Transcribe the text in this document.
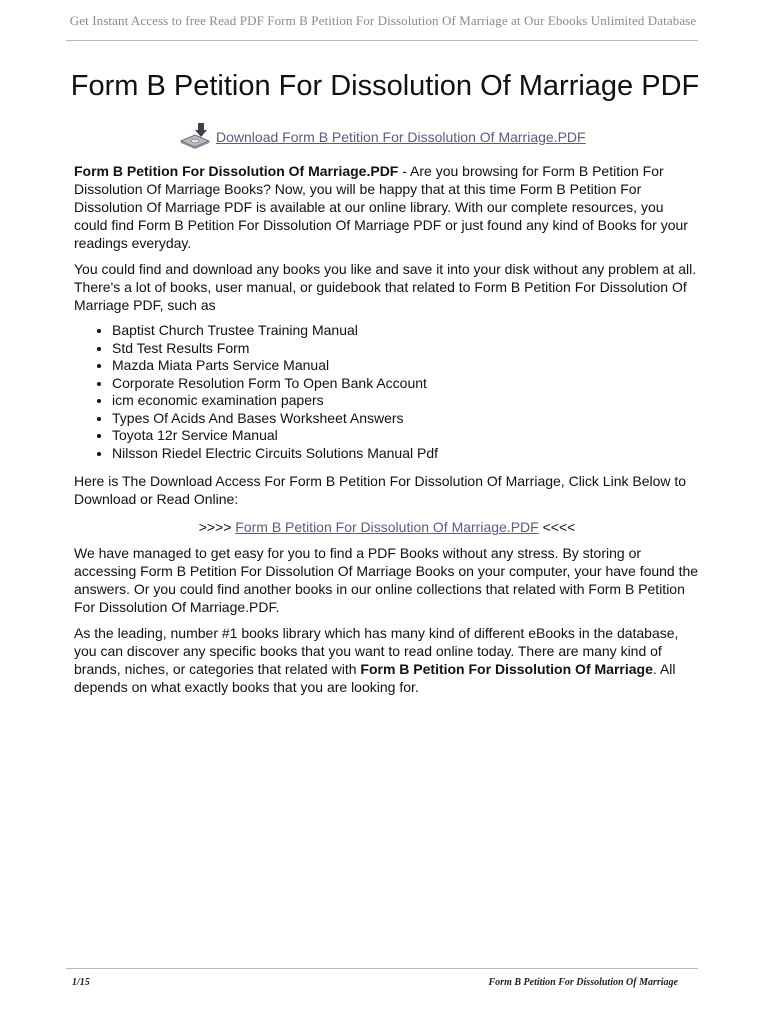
Get Instant Access to free Read PDF Form B Petition For Dissolution Of Marriage at Our Ebooks Unlimited Database
Form B Petition For Dissolution Of Marriage PDF
Download Form B Petition For Dissolution Of Marriage.PDF

Form B Petition For Dissolution Of Marriage.PDF - Are you browsing for Form B Petition For Dissolution Of Marriage Books? Now, you will be happy that at this time Form B Petition For Dissolution Of Marriage PDF is available at our online library. With our complete resources, you could find Form B Petition For Dissolution Of Marriage PDF or just found any kind of Books for your readings everyday.

You could find and download any books you like and save it into your disk without any problem at all. There's a lot of books, user manual, or guidebook that related to Form B Petition For Dissolution Of Marriage PDF, such as

• Baptist Church Trustee Training Manual
• Std Test Results Form
• Mazda Miata Parts Service Manual
• Corporate Resolution Form To Open Bank Account
• icm economic examination papers
• Types Of Acids And Bases Worksheet Answers
• Toyota 12r Service Manual
• Nilsson Riedel Electric Circuits Solutions Manual Pdf

Here is The Download Access For Form B Petition For Dissolution Of Marriage, Click Link Below to Download or Read Online:

>>>> Form B Petition For Dissolution Of Marriage.PDF <<<<

We have managed to get easy for you to find a PDF Books without any stress. By storing or accessing Form B Petition For Dissolution Of Marriage Books on your computer, your have found the answers. Or you could find another books in our online collections that related with Form B Petition For Dissolution Of Marriage.PDF.

As the leading, number #1 books library which has many kind of different eBooks in the database, you can discover any specific books that you want to read online today. There are many kind of brands, niches, or categories that related with Form B Petition For Dissolution Of Marriage. All depends on what exactly books that you are looking for.

1/15	Form B Petition For Dissolution Of Marriage
